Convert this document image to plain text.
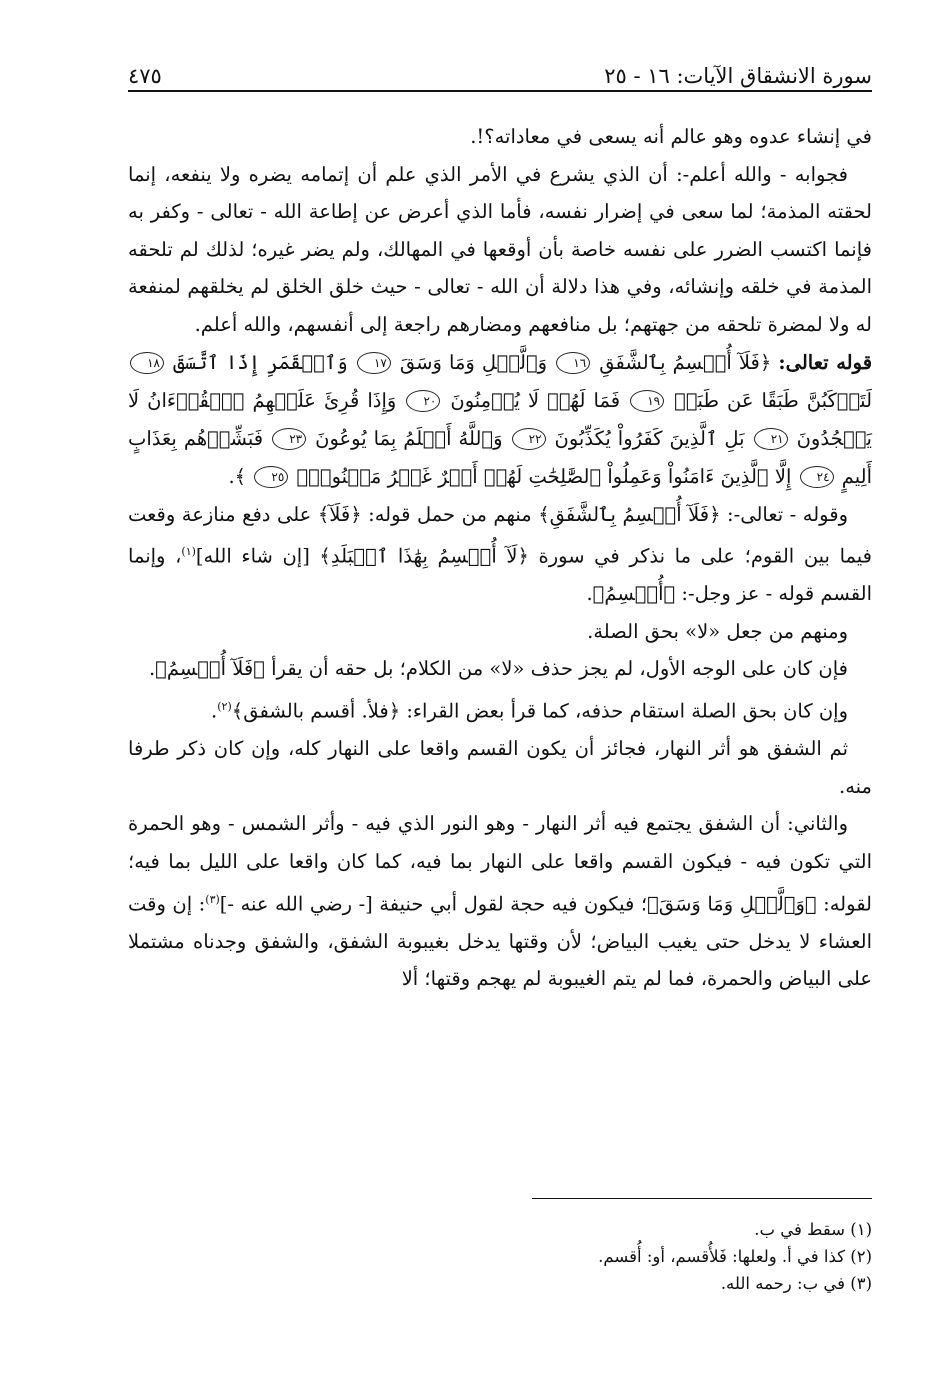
سورة الانشقاق الآيات: ١٦ - ٢٥
٤٧٥

في إنشاء عدوه وهو عالم أنه يسعى في معاداته؟!.

فجوابه - والله أعلم-: أن الذي يشرع في الأمر الذي علم أن إتمامه يضره ولا ينفعه، إنما لحقته المذمة؛ لما سعى في إضرار نفسه، فأما الذي أعرض عن إطاعة الله - تعالى - وكفر به فإنما اكتسب الضرر على نفسه خاصة بأن أوقعها في المهالك، ولم يضر غيره؛ لذلك لم تلحقه المذمة في خلقه وإنشائه، وفي هذا دلالة أن الله - تعالى - حيث خلق الخلق لم يخلقهم لمنفعة له ولا لمضرة تلحقه من جهتهم؛ بل منافعهم ومضارهم راجعة إلى أنفسهم، والله أعلم.

قوله تعالى: ﴿فَلَآ أُقۡسِمُ بِٱلشَّفَقِ ١٦ وَٱلَّيۡلِ وَمَا وَسَقَ ١٧ وَٱلۡقَمَرِ إِذَا ٱتَّسَقَ ١٨ لَتَرۡكَبُنَّ طَبَقًا عَن طَبَقٖ ١٩ فَمَا لَهُمۡ لَا يُؤۡمِنُونَ ٢٠ وَإِذَا قُرِئَ عَلَيۡهِمُ ٱلۡقُرۡءَانُ لَا يَسۡجُدُونَ ٢١ بَلِ ٱلَّذِينَ كَفَرُواْ يُكَذِّبُونَ ٢٢ وَٱللَّهُ أَعۡلَمُ بِمَا يُوعُونَ ٢٣ فَبَشِّرۡهُم بِعَذَابٍ أَلِيمٍ ٢٤ إِلَّا ٱلَّذِينَ ءَامَنُواْ وَعَمِلُواْ ٱلصَّٰلِحَٰتِ لَهُمۡ أَجۡرٌ غَيۡرُ مَمۡنُونِۭ ٢٥ ﴾.

وقوله - تعالى-: ﴿فَلَآ أُقۡسِمُ بِٱلشَّفَقِ﴾ منهم من حمل قوله: ﴿فَلَآ﴾ على دفع منازعة وقعت فيما بين القوم؛ على ما نذكر في سورة ﴿لَآ أُقۡسِمُ بِهَٰذَا ٱلۡبَلَدِ﴾ [إن شاء الله]$^{(١)}$، وإنما القسم قوله - عز وجل-: ﴿أُقۡسِمُ﴾.

ومنهم من جعل «لا» بحق الصلة.

فإن كان على الوجه الأول، لم يجز حذف «لا» من الكلام؛ بل حقه أن يقرأ ﴿فَلَآ أُقۡسِمُ﴾.

وإن كان بحق الصلة استقام حذفه، كما قرأ بعض القراء: ﴿فلأ. أقسم بالشفق﴾$^{(٢)}$.

ثم الشفق هو أثر النهار، فجائز أن يكون القسم واقعا على النهار كله، وإن كان ذكر طرفا منه.

والثاني: أن الشفق يجتمع فيه أثر النهار - وهو النور الذي فيه - وأثر الشمس - وهو الحمرة التي تكون فيه - فيكون القسم واقعا على النهار بما فيه، كما كان واقعا على الليل بما فيه؛ لقوله: ﴿وَٱلَّيۡلِ وَمَا وَسَقَ﴾؛ فيكون فيه حجة لقول أبي حنيفة [- رضي الله عنه -]$^{(٣)}$: إن وقت العشاء لا يدخل حتى يغيب البياض؛ لأن وقتها يدخل بغيبوبة الشفق، والشفق وجدناه مشتملا على البياض والحمرة، فما لم يتم الغيبوبة لم يهجم وقتها؛ ألا

(١) سقط في ب.
(٢) كذا في أ. ولعلها: فَلأُقسم، أو: أُقسم.
(٣) في ب: رحمه الله.
